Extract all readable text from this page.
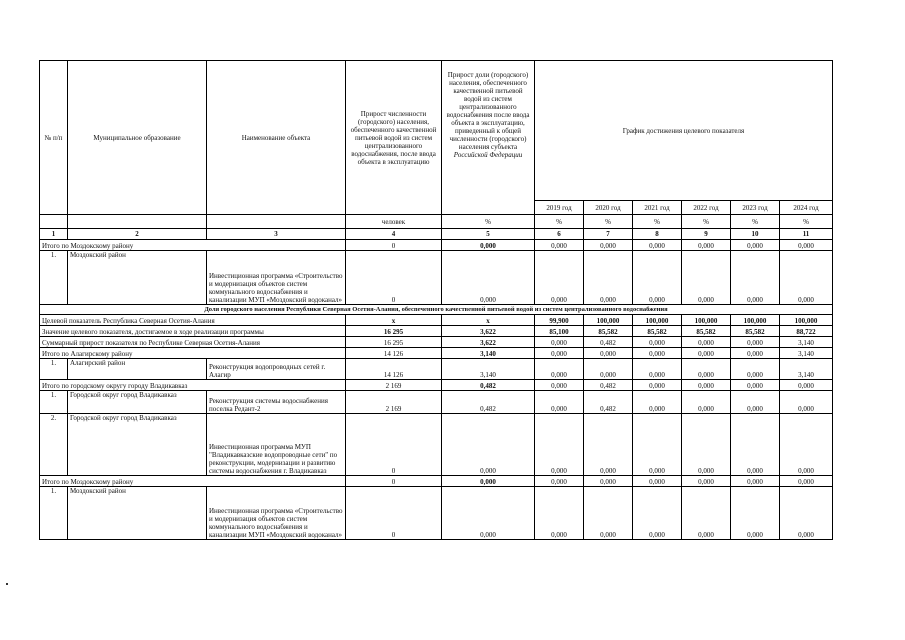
№ п/п	Муниципальное образование	Наименование объекта	Прирост численности (городского) населения, обеспеченного качественной питьевой водой из систем централизованного водоснабжения, после ввода объекта в эксплуатацию	Прирост доли (городского) населения, обеспеченного качественной питьевой водой из систем централизованного водоснабжения после ввода объекта в эксплуатацию, приведенный к общей численности (городского) населения субъекта Российской Федерации	График достижения целевого показателя					
					2019 год	2020 год	2021 год	2022 год	2023 год	2024 год
			человек	%	%	%	%	%	%	%
1	2	3	4	5	6	7	8	9	10	11
Итого по Моздокскому району			0	0,000	0,000	0,000	0,000	0,000	0,000	0,000
1.	Моздокский район	Инвестиционная программа «Строительство и модернизация объектов систем коммунального водоснабжения и канализации МУП «Моздокский водоканал»	0	0,000	0,000	0,000	0,000	0,000	0,000	0,000
Доля городского населения Республики Северная Осетия-Алания, обеспеченного качественной питьевой водой из систем централизованного водоснабжения										
Целевой показатель Республика Северная Осетия-Алания			х	х	99,900	100,000	100,000	100,000	100,000	100,000
Значение целевого показателя, достигаемое в ходе реализации программы			16 295	3,622	85,100	85,582	85,582	85,582	85,582	88,722
Суммарный прирост показателя по Республике Северная Осетия-Алания			16 295	3,622	0,000	0,482	0,000	0,000	0,000	3,140
Итого по Алагирскому району			14 126	3,140	0,000	0,000	0,000	0,000	0,000	3,140
1.	Алагирский район	Реконструкция водопроводных сетей г. Алагир	14 126	3,140	0,000	0,000	0,000	0,000	0,000	3,140
Итого по городскому округу городу Владикавказ			2 169	0,482	0,000	0,482	0,000	0,000	0,000	0,000
1.	Городской округ город Владикавказ	Реконструкция системы водоснабжения поселка Редант-2	2 169	0,482	0,000	0,482	0,000	0,000	0,000	0,000
2.	Городской округ город Владикавказ	Инвестиционная программа МУП "Владикавказские водопроводные сети" по реконструкции, модернизации и развитию системы водоснабжения г. Владикавказ	0	0,000	0,000	0,000	0,000	0,000	0,000	0,000
Итого по Моздокскому району			0	0,000	0,000	0,000	0,000	0,000	0,000	0,000
1.	Моздокский район	Инвестиционная программа «Строительство и модернизация объектов систем коммунального водоснабжения и канализации МУП «Моздокский водоканал»	0	0,000	0,000	0,000	0,000	0,000	0,000	0,000
